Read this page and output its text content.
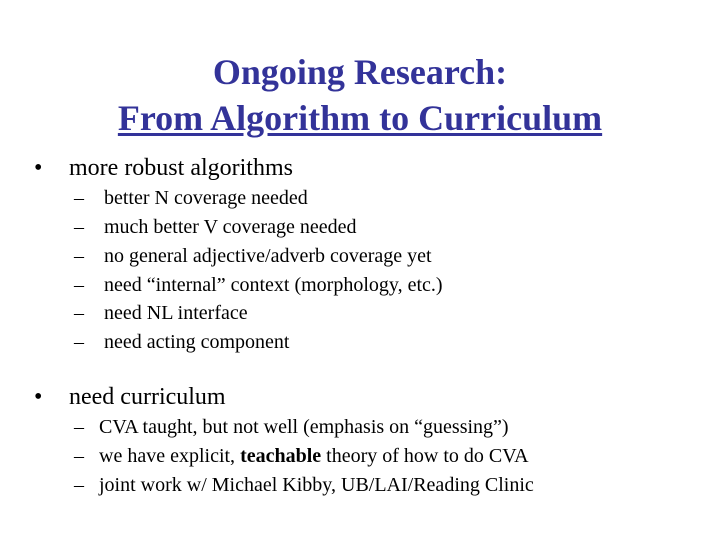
Ongoing Research:
From Algorithm to Curriculum
•	more robust algorithms
–	better N coverage needed
–	much better V coverage needed
–	no general adjective/adverb coverage yet
–	need “internal” context (morphology, etc.)
–	need NL interface
–	need acting component
•	need curriculum
– CVA taught, but not well (emphasis on “guessing”)
– we have explicit, teachable theory of how to do CVA
– joint work w/ Michael Kibby, UB/LAI/Reading Clinic
